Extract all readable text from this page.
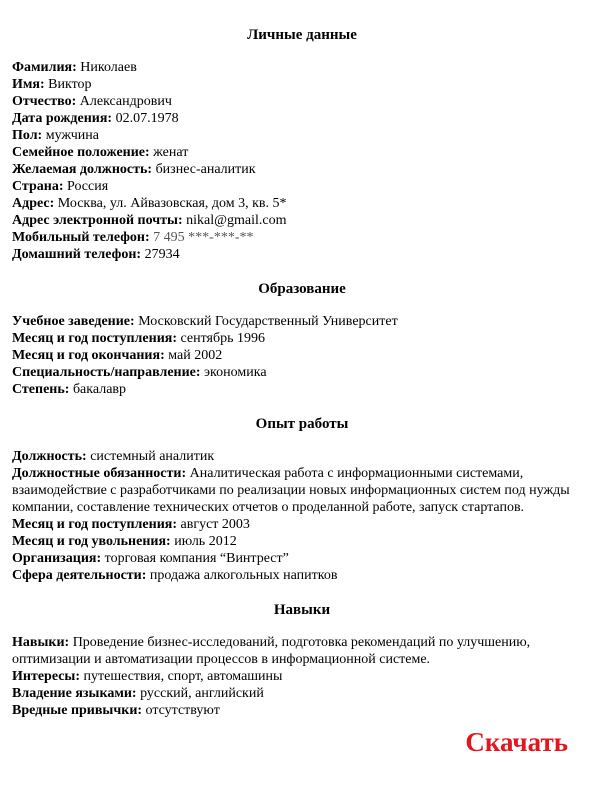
Личные данные
Фамилия: Николаев
Имя: Виктор
Отчество: Александрович
Дата рождения: 02.07.1978
Пол: мужчина
Семейное положение: женат
Желаемая должность: бизнес-аналитик
Страна: Россия
Адрес: Москва, ул. Айвазовская, дом 3, кв. 5*
Адрес электронной почты: nikal@gmail.com
Мобильный телефон: 7 495 ***-***-**
Домашний телефон: 27934
Образование
Учебное заведение: Московский Государственный Университет
Месяц и год поступления: сентябрь 1996
Месяц и год окончания: май 2002
Специальность/направление: экономика
Степень: бакалавр
Опыт работы
Должность: системный аналитик
Должностные обязанности: Аналитическая работа с информационными системами, взаимодействие с разработчиками по реализации новых информационных систем под нужды компании, составление технических отчетов о проделанной работе, запуск стартапов.
Месяц и год поступления: август 2003
Месяц и год увольнения: июль 2012
Организация: торговая компания “Винтрест”
Сфера деятельности: продажа алкогольных напитков
Навыки
Навыки: Проведение бизнес-исследований, подготовка рекомендаций по улучшению, оптимизации и автоматизации процессов в информационной системе.
Интересы: путешествия, спорт, автомашины
Владение языками: русский, английский
Вредные привычки: отсутствуют
Скачать
